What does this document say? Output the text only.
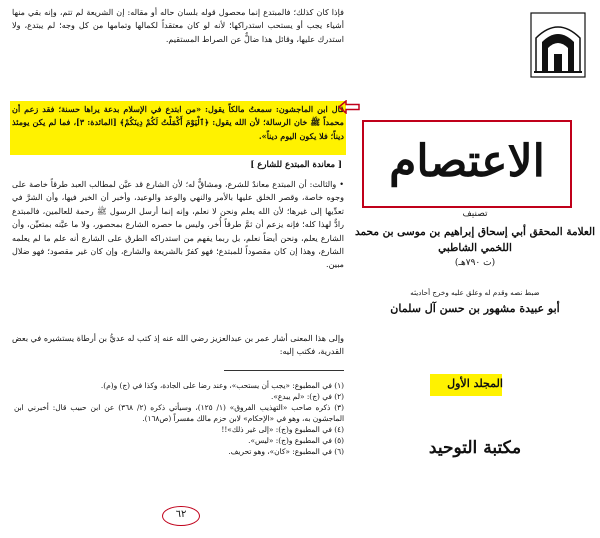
فإذا كان كذلك؛ فالمبتدع إنما محصول قوله بلسان حاله أو مقاله: إن الشريعة لم تتم، وإنه بقي منها أشياء يجب أو يستحب استدراكها؛ لأنه لو كان معتقداً لكمالها وتمامها من كل وجه؛ لم يبتدع، ولا استدرك عليها، وقائل هذا ضالٌّ عن الصراط المستقيم.
قال ابن الماجشون: سمعتُ مالكاً يقول: «من ابتدع في الإسلام بدعة يراها حسنة؛ فقد زعم أن محمداً ﷺ خان الرسالة؛ لأن الله يقول: ﴿ٱلْيَوْمَ أَكْمَلْتُ لَكُمْ دِينَكُمْ﴾ [المائدة: ٣]، فما لم يكن يومئذ ديناً؛ فلا يكون اليوم ديناً».
[ معاندة المبتدع للشارع ]
• والثالث: أن المبتدع معاندٌ للشرع، ومشاقٌّ له؛ لأن الشارع قد عيَّن لمطالب العبد طرقاً خاصة على وجوه خاصة، وقصر الخلق عليها بالأمر والنهي والوعد والوعيد، وأخبر أن الخير فيها، وأن الشرَّ في تعدِّيها إلى غيرها؛ لأن الله يعلم ونحن لا نعلم، وإنه إنما أرسل الرسول ﷺ رحمة للعالمين، فالمبتدع رادٌّ لهذا كله؛ فإنه يزعم أن ثمَّ طرقاً أُخر، وليس ما حصره الشارع بمحصور، ولا ما عيَّنه بمتعيِّن، وأن الشارع يعلم، ونحن أيضاً نعلم، بل ربما يفهم من استدراكه الطرق على الشارع أنه علم ما لم يعلمه الشارع، وهذا إن كان مقصوداً للمبتدع؛ فهو كفرٌ بالشريعة والشارع، وإن كان غير مقصود؛ فهو ضلال مبين.
وإلى هذا المعنى أشار عمر بن عبدالعزيز رضي الله عنه إذ كتب له عديُّ بن أرطاة يستشيره في بعض القدرية، فكتب إليه:
(١) في المطبوع: «يجب أن يستحب»، وعند رضا على الجادة، وكذا في (ج) و(م).
(٢) في (ج): «لم يبدع».
(٣) ذكره صاحب «التهذيب الفروق» (١/ ١٢٥)، وسيأتي ذكره (٢/ ٣٦٨) عن ابن حبيب قال: أخبرني ابن الماجشون به، وهو في «الإحكام» لابن حزم مالك مفسراً (ص١٦٨).
(٤) في المطبوع و(ج): «إلى غير ذلك»!!
(٥) في المطبوع و(ج): «ليس».
(٦) في المطبوع: «كان»، وهو تحريف.
٦٢
الاعتصام
تصنيف
العلامة المحقق أبي إسحاق إبراهيم بن موسى بن محمد اللخمي الشاطبي
(ت ٧٩٠هـ)
ضبط نصه وقدم له وعلق عليه وخرج أحاديثه
أبو عبيدة مشهور بن حسن آل سلمان
المجلد الأول
مكتبة التوحيد
